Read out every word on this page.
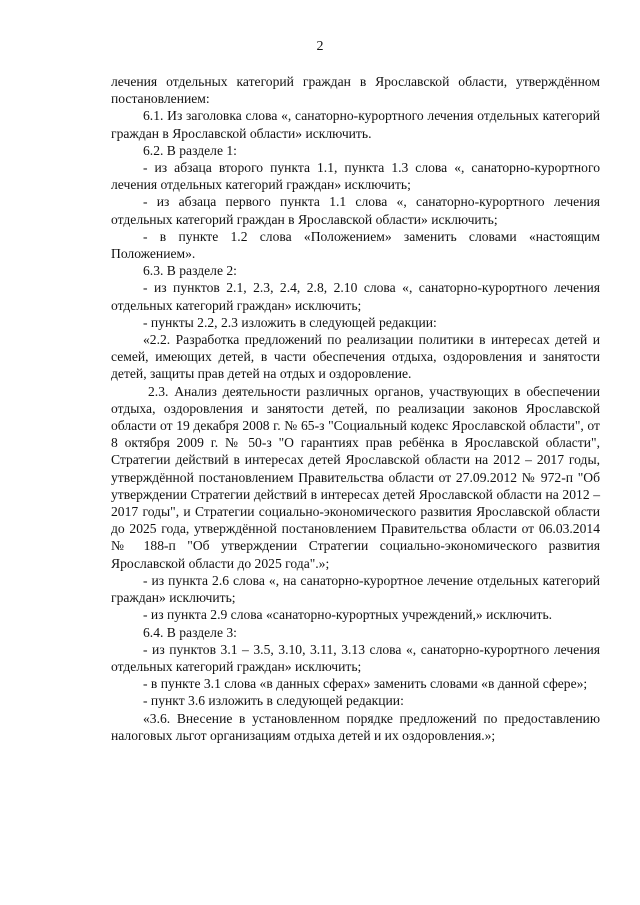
2

лечения отдельных категорий граждан в Ярославской области, утверждённом постановлением:

6.1. Из заголовка слова «, санаторно-курортного лечения отдельных категорий граждан в Ярославской области» исключить.

6.2. В разделе 1:

- из абзаца второго пункта 1.1, пункта 1.3 слова «, санаторно-курортного лечения отдельных категорий граждан» исключить;

- из абзаца первого пункта 1.1 слова «, санаторно-курортного лечения отдельных категорий граждан в Ярославской области» исключить;

- в пункте 1.2 слова «Положением» заменить словами «настоящим Положением».

6.3. В разделе 2:

- из пунктов 2.1, 2.3, 2.4, 2.8, 2.10 слова «, санаторно-курортного лечения отдельных категорий граждан» исключить;

- пункты 2.2, 2.3 изложить в следующей редакции:

«2.2. Разработка предложений по реализации политики в интересах детей и семей, имеющих детей, в части обеспечения отдыха, оздоровления и занятости детей, защиты прав детей на отдых и оздоровление.

2.3. Анализ деятельности различных органов, участвующих в обеспечении отдыха, оздоровления и занятости детей, по реализации законов Ярославской области от 19 декабря 2008 г. № 65-з "Социальный кодекс Ярославской области", от 8 октября 2009 г. № 50-з "О гарантиях прав ребёнка в Ярославской области", Стратегии действий в интересах детей Ярославской области на 2012 – 2017 годы, утверждённой постановлением Правительства области от 27.09.2012 № 972-п "Об утверждении Стратегии действий в интересах детей Ярославской области на 2012 – 2017 годы", и Стратегии социально-экономического развития Ярославской области до 2025 года, утверждённой постановлением Правительства области от 06.03.2014 № 188-п "Об утверждении Стратегии социально-экономического развития Ярославской области до 2025 года".»;

- из пункта 2.6 слова «, на санаторно-курортное лечение отдельных категорий граждан» исключить;

- из пункта 2.9 слова «санаторно-курортных учреждений,» исключить.

6.4. В разделе 3:

- из пунктов 3.1 – 3.5, 3.10, 3.11, 3.13 слова «, санаторно-курортного лечения отдельных категорий граждан» исключить;

- в пункте 3.1 слова «в данных сферах» заменить словами «в данной сфере»;

- пункт 3.6 изложить в следующей редакции:

«3.6. Внесение в установленном порядке предложений по предоставлению налоговых льгот организациям отдыха детей и их оздоровления.»;
